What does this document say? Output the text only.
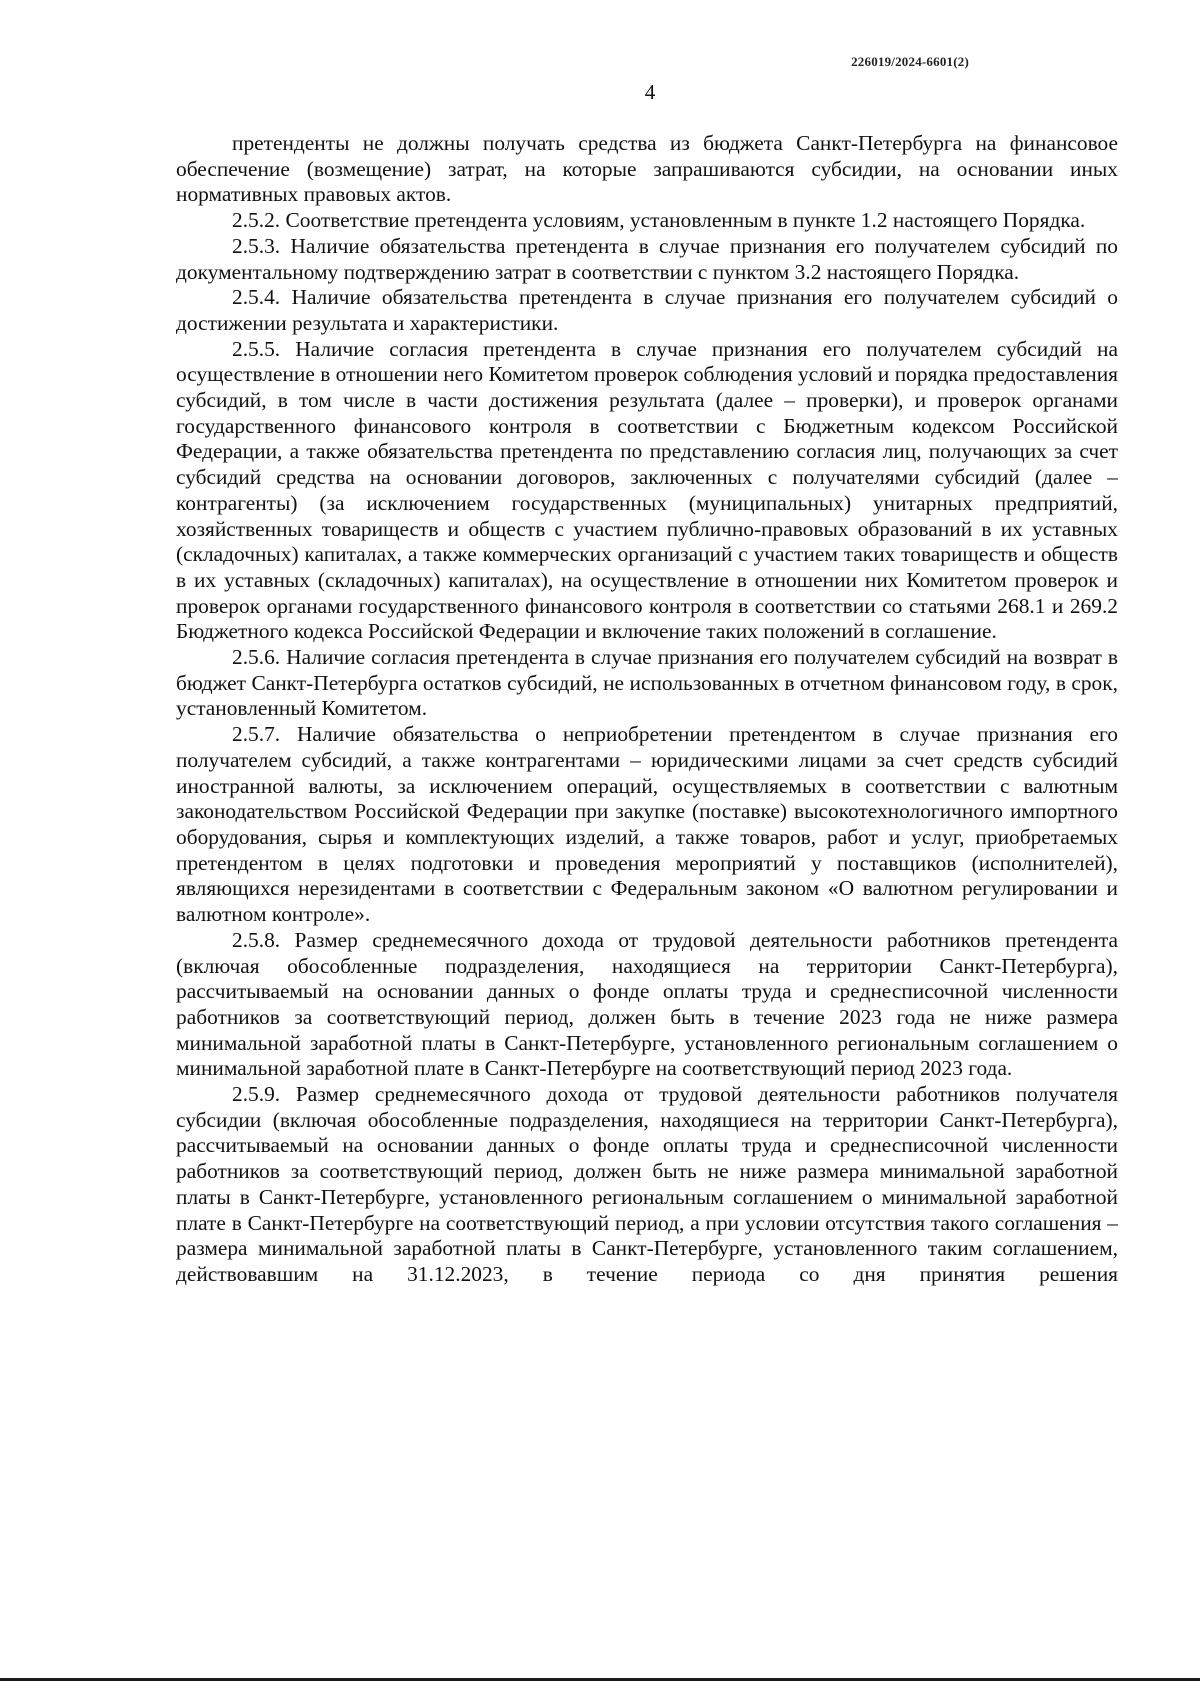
226019/2024-6601(2)
4

претенденты не должны получать средства из бюджета Санкт-Петербурга на финансовое обеспечение (возмещение) затрат, на которые запрашиваются субсидии, на основании иных нормативных правовых актов.

2.5.2. Соответствие претендента условиям, установленным в пункте 1.2 настоящего Порядка.

2.5.3. Наличие обязательства претендента в случае признания его получателем субсидий по документальному подтверждению затрат в соответствии с пунктом 3.2 настоящего Порядка.

2.5.4. Наличие обязательства претендента в случае признания его получателем субсидий о достижении результата и характеристики.

2.5.5. Наличие согласия претендента в случае признания его получателем субсидий на осуществление в отношении него Комитетом проверок соблюдения условий и порядка предоставления субсидий, в том числе в части достижения результата (далее – проверки), и проверок органами государственного финансового контроля в соответствии с Бюджетным кодексом Российской Федерации, а также обязательства претендента по представлению согласия лиц, получающих за счет субсидий средства на основании договоров, заключенных с получателями субсидий (далее – контрагенты) (за исключением государственных (муниципальных) унитарных предприятий, хозяйственных товариществ и обществ с участием публично-правовых образований в их уставных (складочных) капиталах, а также коммерческих организаций с участием таких товариществ и обществ в их уставных (складочных) капиталах), на осуществление в отношении них Комитетом проверок и проверок органами государственного финансового контроля в соответствии со статьями 268.1 и 269.2 Бюджетного кодекса Российской Федерации и включение таких положений в соглашение.

2.5.6. Наличие согласия претендента в случае признания его получателем субсидий на возврат в бюджет Санкт-Петербурга остатков субсидий, не использованных в отчетном финансовом году, в срок, установленный Комитетом.

2.5.7. Наличие обязательства о неприобретении претендентом в случае признания его получателем субсидий, а также контрагентами – юридическими лицами за счет средств субсидий иностранной валюты, за исключением операций, осуществляемых в соответствии с валютным законодательством Российской Федерации при закупке (поставке) высокотехнологичного импортного оборудования, сырья и комплектующих изделий, а также товаров, работ и услуг, приобретаемых претендентом в целях подготовки и проведения мероприятий у поставщиков (исполнителей), являющихся нерезидентами в соответствии с Федеральным законом «О валютном регулировании и валютном контроле».

2.5.8. Размер среднемесячного дохода от трудовой деятельности работников претендента (включая обособленные подразделения, находящиеся на территории Санкт-Петербурга), рассчитываемый на основании данных о фонде оплаты труда и среднесписочной численности работников за соответствующий период, должен быть в течение 2023 года не ниже размера минимальной заработной платы в Санкт-Петербурге, установленного региональным соглашением о минимальной заработной плате в Санкт-Петербурге на соответствующий период 2023 года.

2.5.9. Размер среднемесячного дохода от трудовой деятельности работников получателя субсидии (включая обособленные подразделения, находящиеся на территории Санкт-Петербурга), рассчитываемый на основании данных о фонде оплаты труда и среднесписочной численности работников за соответствующий период, должен быть не ниже размера минимальной заработной платы в Санкт-Петербурге, установленного региональным соглашением о минимальной заработной плате в Санкт-Петербурге на соответствующий период, а при условии отсутствия такого соглашения – размера минимальной заработной платы в Санкт-Петербурге, установленного таким соглашением, действовавшим на 31.12.2023, в течение периода со дня принятия решения
